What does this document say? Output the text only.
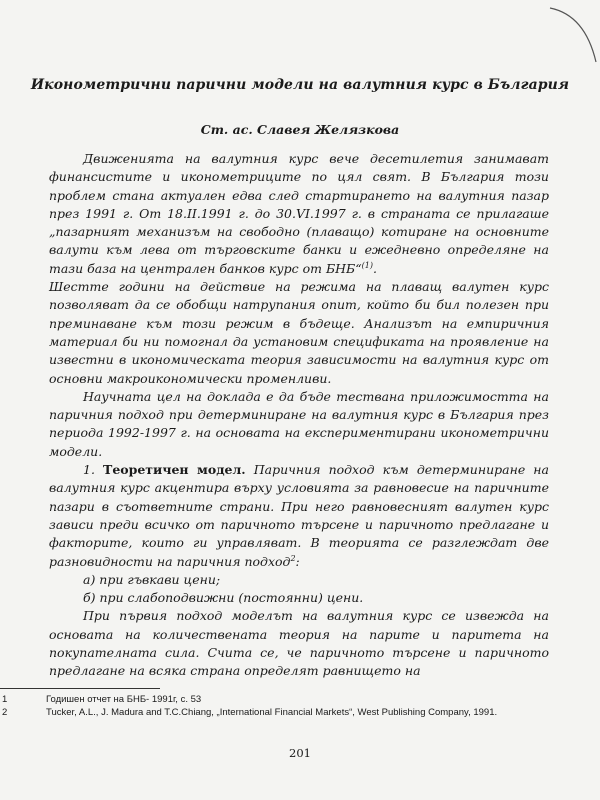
Иконометрични парични модели на валутния курс в България
Ст. ас. Славея Желязкова

Движенията на валутния курс вече десетилетия занимават финансистите и иконометриците по цял свят. В България този проблем стана актуален едва след стартирането на валутния пазар през 1991 г. От 18.II.1991 г. до 30.VI.1997 г. в страната се прилагаше „пазарният механизъм на свободно (плаващо) котиране на основните валути към лева от търговските банки и ежедневно определяне на тази база на централен банков курс от БНБ“$^{(1)}$.

Шестте години на действие на режима на плаващ валутен курс позволяват да се обобщи натрупания опит, който би бил полезен при преминаване към този режим в бъдеще. Анализът на емпиричния материал би ни помогнал да установим спецификата на проявление на известни в икономическата теория зависимости на валутния курс от основни макроикономически променливи.

Научната цел на доклада е да бъде тествана приложимостта на паричния подход при детерминиране на валутния курс в България през периода 1992-1997 г. на основата на експериментирани иконометрични модели.

1. Теоретичен модел. Паричния подход към детерминиране на валутния курс акцентира върху условията за равновесие на паричните пазари в съответните страни. При него равновесният валутен курс зависи преди всичко от паричното търсене и паричното предлагане и факторите, които ги управляват. В теорията се разглеждат две разновидности на паричния подход$^2$:

а) при гъвкави цени;

б) при слабоподвижни (постоянни) цени.

При първия подход моделът на валутния курс се извежда на основата на количествената теория на парите и паритета на покупателната сила. Счита се, че паричното търсене и паричното предлагане на всяка страна определят равнището на

1	Годишен отчет на БНБ- 1991г, с. 53
2	Tucker, A.L., J. Madura and T.C.Chiang, „International Financial Markets“, West Publishing Company, 1991.
201
